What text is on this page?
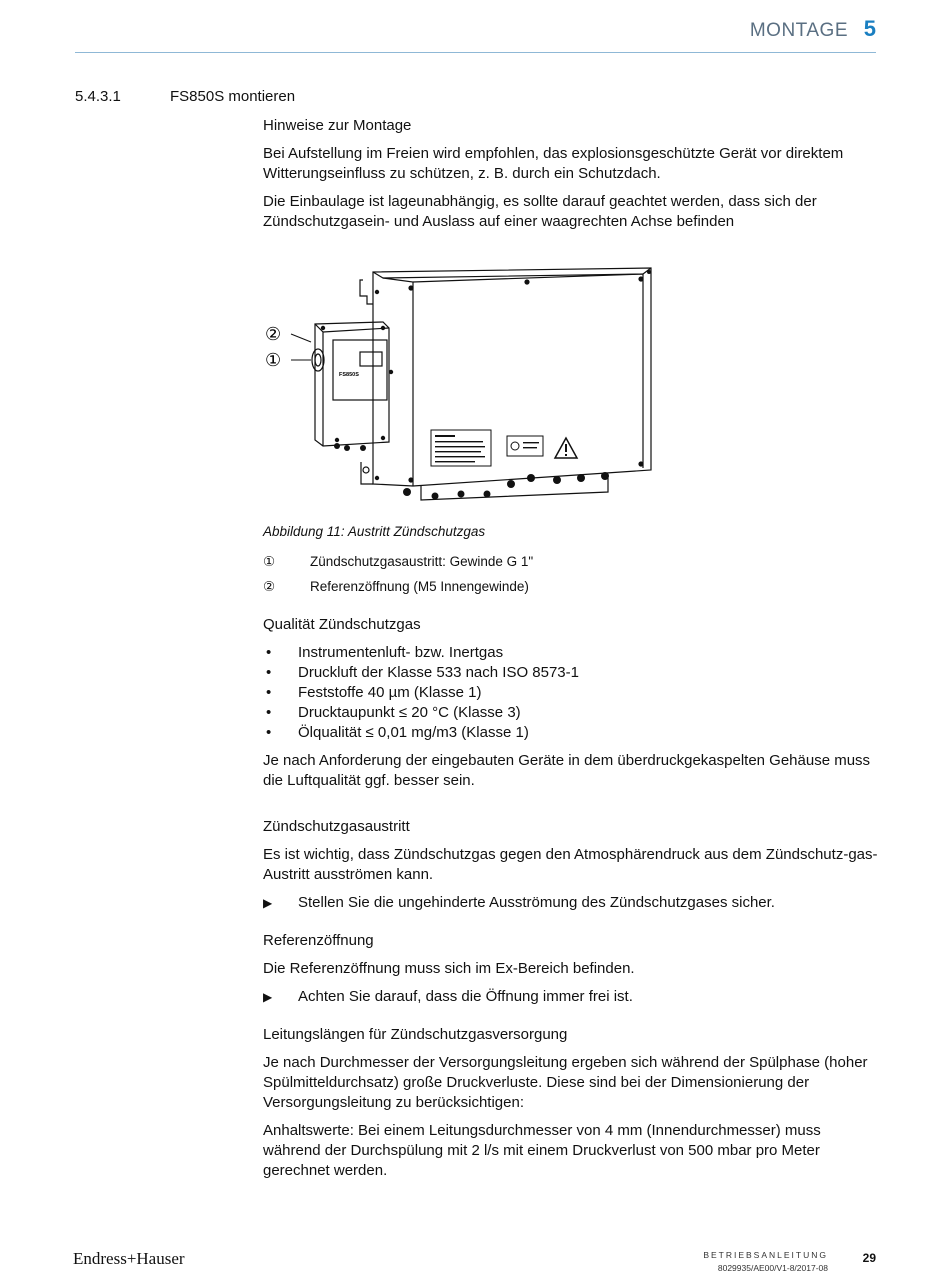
MONTAGE 5
5.4.3.1	FS850S montieren
Hinweise zur Montage

Bei Aufstellung im Freien wird empfohlen, das explosionsgeschützte Gerät vor direktem Witterungseinfluss zu schützen, z. B. durch ein Schutzdach.

Die Einbaulage ist lageunabhängig, es sollte darauf geachtet werden, dass sich der Zündschutzgasein- und Auslass auf einer waagrechten Achse befinden

FS850S
②
①
Abbildung 11: Austritt Zündschutzgas
①	Zündschutzgasaustritt: Gewinde G 1"
②	Referenzöffnung (M5 Innengewinde)
Qualität Zündschutzgas
• Instrumentenluft- bzw. Inertgas
• Druckluft der Klasse 533 nach ISO 8573-1
• Feststoffe 40 µm (Klasse 1)
• Drucktaupunkt ≤ 20 °C (Klasse 3)
• Ölqualität ≤ 0,01 mg/m3 (Klasse 1)

Je nach Anforderung der eingebauten Geräte in dem überdruckgekaspelten Gehäuse muss die Luftqualität ggf. besser sein.

Zündschutzgasaustritt

Es ist wichtig, dass Zündschutzgas gegen den Atmosphärendruck aus dem Zündschutz-gas-Austritt ausströmen kann.

▶ Stellen Sie die ungehinderte Ausströmung des Zündschutzgases sicher.
Referenzöffnung

Die Referenzöffnung muss sich im Ex-Bereich befinden.

▶ Achten Sie darauf, dass die Öffnung immer frei ist.
Leitungslängen für Zündschutzgasversorgung

Je nach Durchmesser der Versorgungsleitung ergeben sich während der Spülphase (hoher Spülmitteldurchsatz) große Druckverluste. Diese sind bei der Dimensionierung der Versorgungsleitung zu berücksichtigen:

Anhaltswerte: Bei einem Leitungsdurchmesser von 4 mm (Innendurchmesser) muss während der Durchspülung mit 2 l/s mit einem Druckverlust von 500 mbar pro Meter gerechnet werden.

Endress+Hauser	BETRIEBSANLEITUNG
8029935/AE00/V1-8/2017-08
29
